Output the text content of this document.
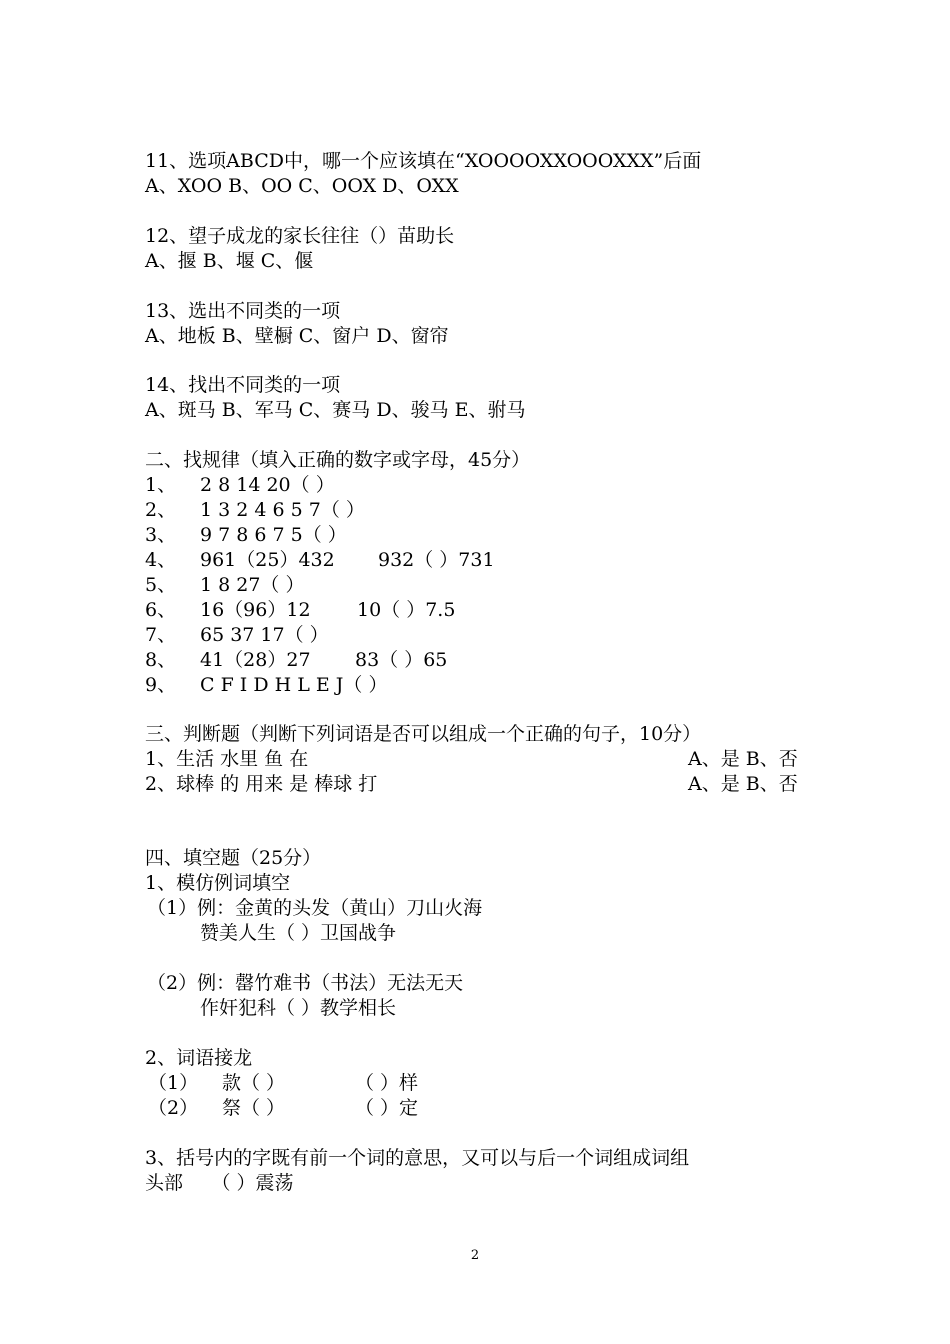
11、选项ABCD中，哪一个应该填在“XOOOOXXOOOXXX”后面

A、XOO B、OO C、OOX D、OXX

12、望子成龙的家长往往（）苗助长

A、揠 B、堰 C、偃

13、选出不同类的一项

A、地板 B、壁橱 C、窗户 D、窗帘

14、找出不同类的一项

A、斑马 B、军马 C、赛马 D、骏马 E、驸马

二、找规律（填入正确的数字或字母，45分）

1、	2 8 14 20（ ）
2、	1 3 2 4 6 5 7（ ）
3、	9 7 8 6 7 5（ ）
4、	961（25）432 932（ ）731
5、	1 8 27（ ）
6、	16（96）12 10（ ）7.5
7、	65 37 17（ ）
8、	41（28）27 83（ ）65
9、	C F I D H L E J（ ）

三、判断题（判断下列词语是否可以组成一个正确的句子，10分）

1、生活 水里 鱼 在	A、是 B、否
2、球棒 的 用来 是 棒球 打	A、是 B、否

四、填空题（25分）

1、模仿例词填空

（1）例：金黄的头发（黄山）刀山火海

赞美人生（ ）卫国战争

（2）例：罄竹难书（书法）无法无天

作奸犯科（ ）教学相长

2、词语接龙

（1） 款（ ）	（ ）样
（2） 祭（ ）	（ ）定

3、括号内的字既有前一个词的意思，又可以与后一个词组成词组

头部　　（ ）震荡

2
